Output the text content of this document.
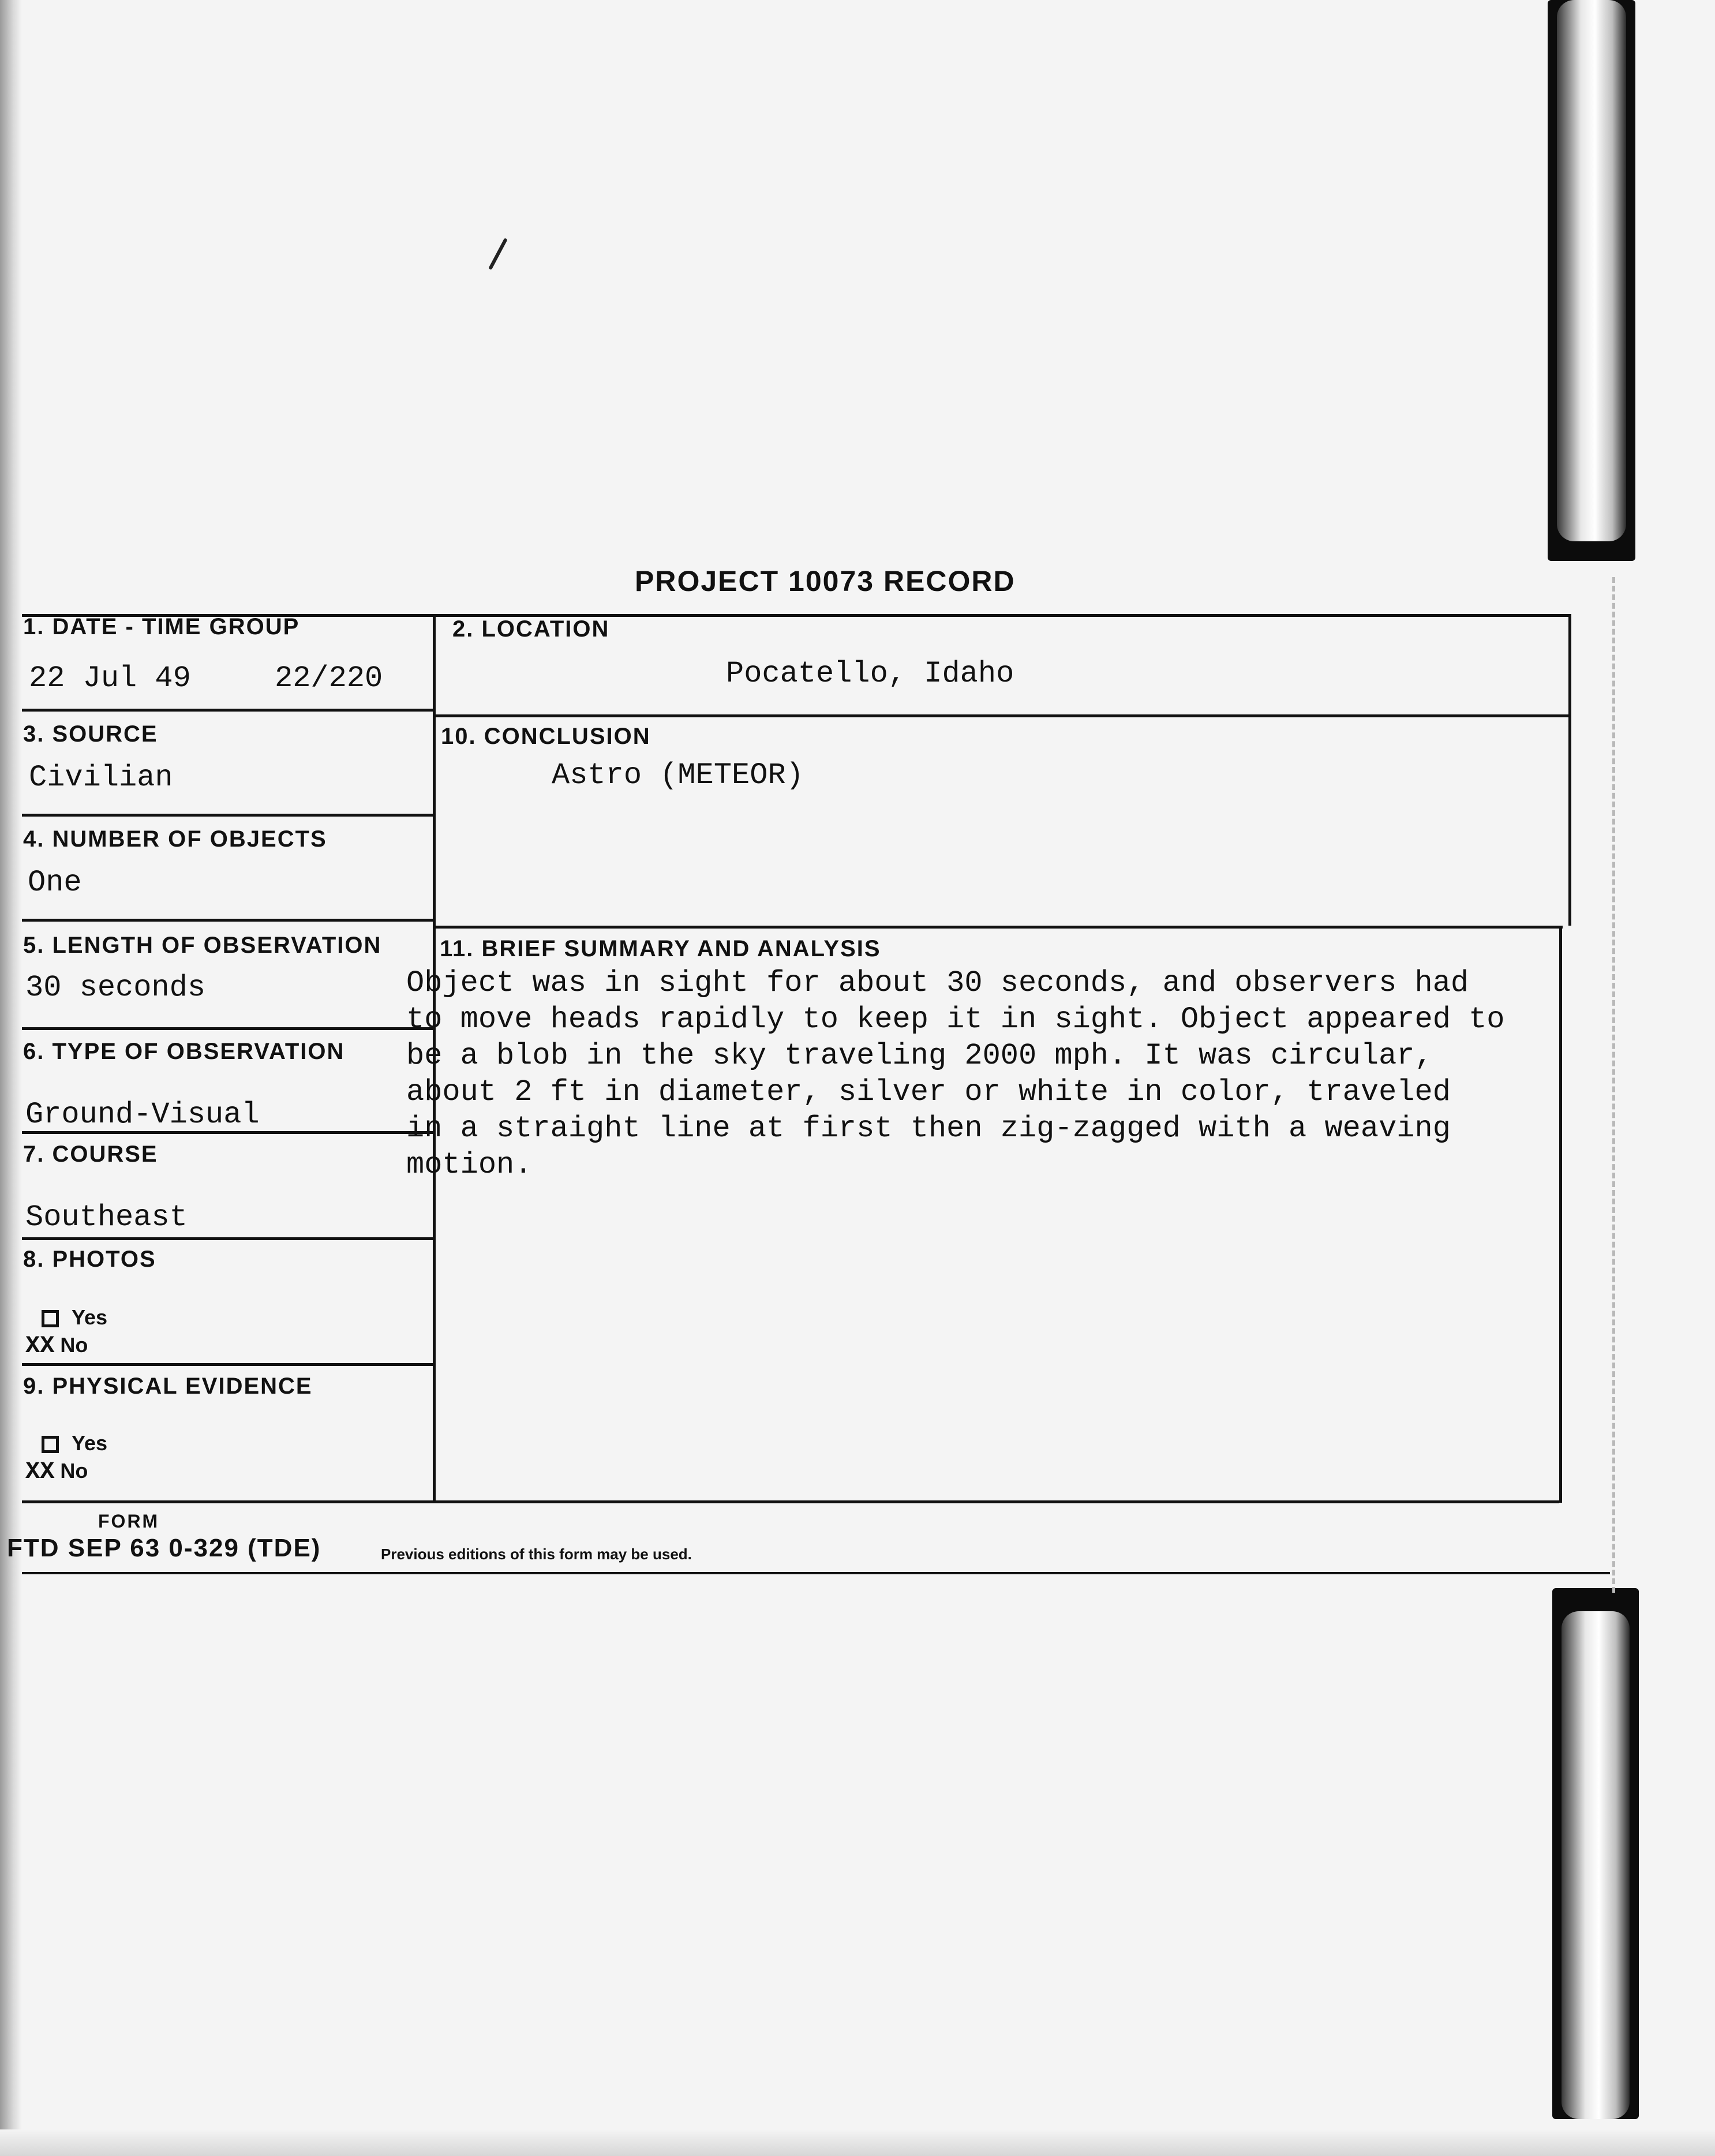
PROJECT 10073 RECORD
1. DATE - TIME GROUP
22 Jul 49	22/220
2. LOCATION
Pocatello, Idaho
3. SOURCE
Civilian
10. CONCLUSION
Astro (METEOR)
4. NUMBER OF OBJECTS
One
5. LENGTH OF OBSERVATION
30 seconds
11. BRIEF SUMMARY AND ANALYSIS
Object was in sight for about 30 seconds, and observers had
to move heads rapidly to keep it in sight. Object appeared to
be a blob in the sky traveling 2000 mph. It was circular,
about 2 ft in diameter, silver or white in color, traveled
in a straight line at first then zig-zagged with a weaving
motion.
6. TYPE OF OBSERVATION
Ground-Visual
7. COURSE
Southeast
8. PHOTOS
Yes
XX No
9. PHYSICAL EVIDENCE
Yes
XX No
FORM
FTD SEP 63 0-329 (TDE)	Previous editions of this form may be used.
